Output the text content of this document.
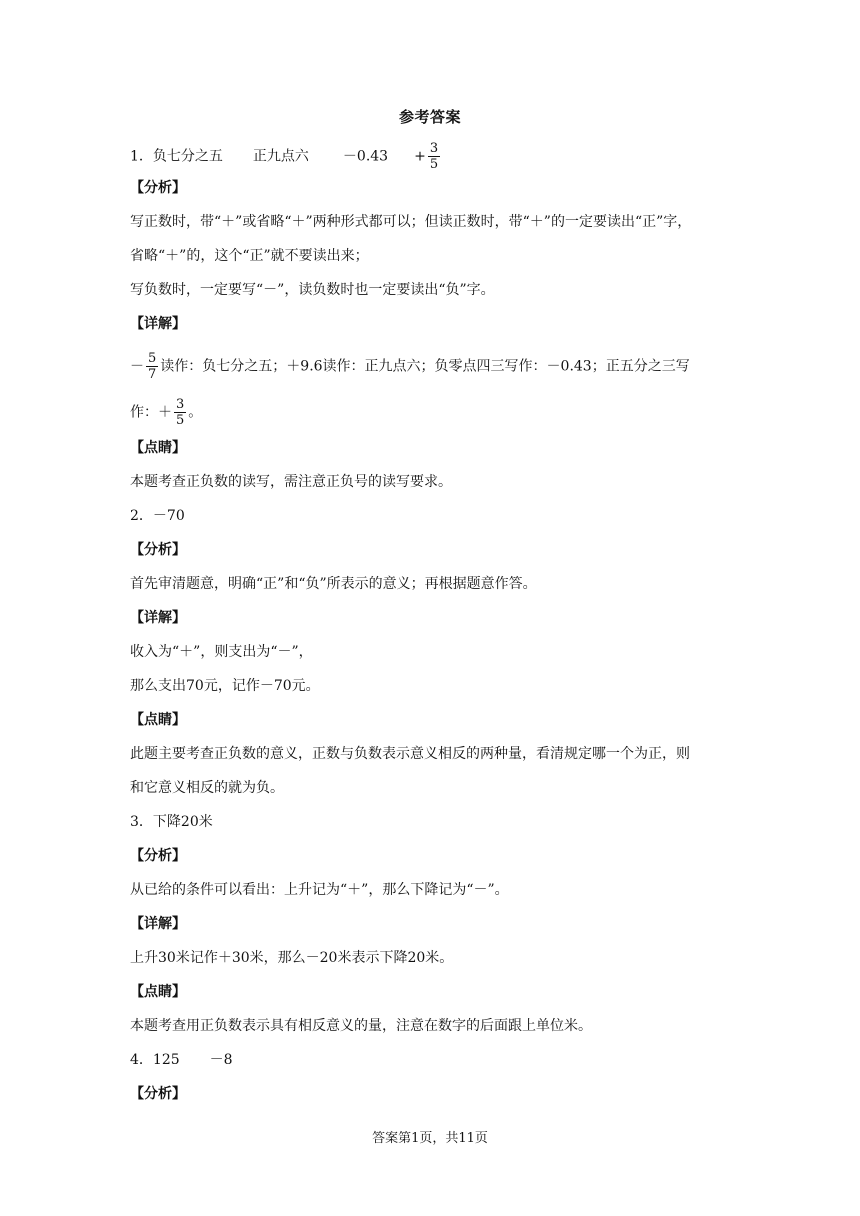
参考答案
1．负七分之五 正九点六 $-0.43 + \frac{3}{5}$
【分析】
写正数时，带“＋”或省略“＋”两种形式都可以；但读正数时，带“＋”的一定要读出“正”字，
省略“＋”的，这个“正”就不要读出来；
写负数时，一定要写“－”，读负数时也一定要读出“负”字。
【详解】
－ $\frac{5}{7}$ 读作：负七分之五；＋9.6读作：正九点六；负零点四三写作：－0.43；正五分之三写
作：＋ $\frac{3}{5}$ 。
【点睛】
本题考查正负数的读写，需注意正负号的读写要求。
2．－70
【分析】
首先审清题意，明确“正”和“负”所表示的意义；再根据题意作答。
【详解】
收入为“＋”，则支出为“－”，
那么支出70元，记作－70元。
【点睛】
此题主要考查正负数的意义，正数与负数表示意义相反的两种量，看清规定哪一个为正，则
和它意义相反的就为负。
3．下降20米
【分析】
从已给的条件可以看出：上升记为“＋”，那么下降记为“－”。
【详解】
上升30米记作＋30米，那么－20米表示下降20米。
【点睛】
本题考查用正负数表示具有相反意义的量，注意在数字的后面跟上单位米。
4．125 －8
【分析】
答案第1页，共11页
